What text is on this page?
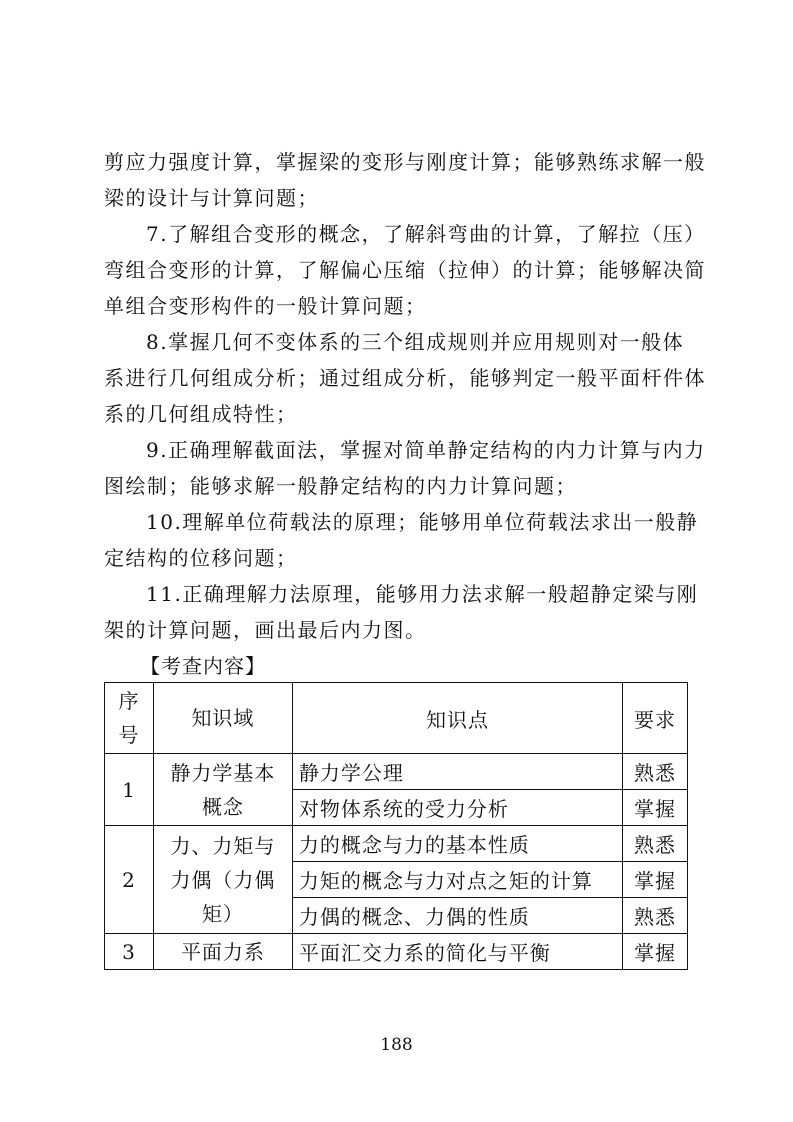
剪应力强度计算，掌握梁的变形与刚度计算；能够熟练求解一般
梁的设计与计算问题；
7.了解组合变形的概念，了解斜弯曲的计算，了解拉（压）
弯组合变形的计算，了解偏心压缩（拉伸）的计算；能够解决简
单组合变形构件的一般计算问题；
8.掌握几何不变体系的三个组成规则并应用规则对一般体
系进行几何组成分析；通过组成分析，能够判定一般平面杆件体
系的几何组成特性；
9.正确理解截面法，掌握对简单静定结构的内力计算与内力
图绘制；能够求解一般静定结构的内力计算问题；
10.理解单位荷载法的原理；能够用单位荷载法求出一般静
定结构的位移问题；
11.正确理解力法原理，能够用力法求解一般超静定梁与刚
架的计算问题，画出最后内力图。
【考查内容】
序号	知识域	知识点	要求
1	静力学基本概念	静力学公理	熟悉
		对物体系统的受力分析	掌握
2	力、力矩与力偶（力偶矩）	力的概念与力的基本性质	熟悉
		力矩的概念与力对点之矩的计算	掌握
		力偶的概念、力偶的性质	熟悉
3	平面力系	平面汇交力系的简化与平衡	掌握
188
